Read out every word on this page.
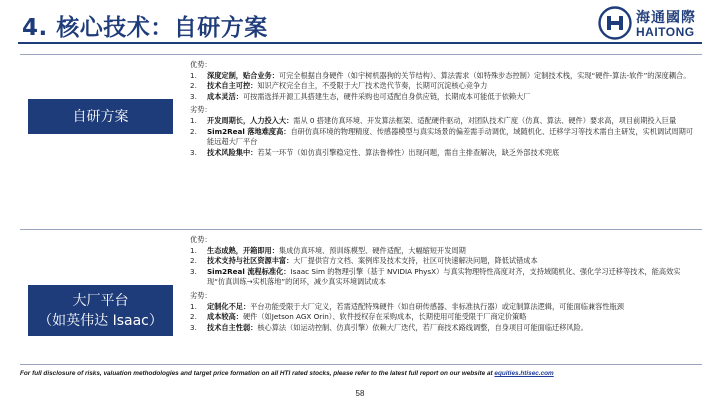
4. 核心技术：自研方案	海通國際
HAITONG
自研方案
优势：
1.	深度定制，贴合业务：可完全根据自身硬件（如宇树机器狗的关节结构）、算法需求（如特殊步态控制）定制技术栈，实现“硬件-算法-软件”的深度耦合。
2.	技术自主可控：知识产权完全自主，不受限于大厂技术迭代节奏，长期可沉淀核心竞争力
3.	成本灵活：可按需选择开源工具搭建生态，硬件采购也可适配自身供应链，长期成本可能低于依赖大厂
劣势：
1.	开发周期长，人力投入大：需从 0 搭建仿真环境、开发算法框架、适配硬件驱动，对团队技术广度（仿真、算法、硬件）要求高，项目前期投入巨量
2.	Sim2Real 落地难度高：自研仿真环境的物理精度、传感器模型与真实场景的偏差需手动调优，域随机化、迁移学习等技术需自主研发，实机调试周期可能远超大厂平台
3.	技术风险集中：若某一环节（如仿真引擎稳定性、算法鲁棒性）出现问题，需自主排查解决，缺乏外部技术兜底
大厂平台
（如英伟达 Isaac）
优势：
1.	生态成熟，开箱即用：集成仿真环境、预训练模型、硬件适配，大幅缩短开发周期
2.	技术支持与社区资源丰富：大厂提供官方文档、案例库及技术支持，社区可快速解决问题，降低试错成本
3.	Sim2Real 流程标准化：Isaac Sim 的物理引擎（基于 NVIDIA PhysX）与真实物理特性高度对齐，支持域随机化、强化学习迁移等技术，能高效实现“仿真训练→实机落地”的闭环，减少真实环境调试成本
劣势：
1.	定制化不足：平台功能受限于大厂定义，若需适配特殊硬件（如自研传感器、非标准执行器）或定制算法逻辑，可能面临兼容性瓶颈
2.	成本较高：硬件（如Jetson AGX Orin）、软件授权存在采购成本，长期使用可能受限于厂商定价策略
3.	技术自主性弱：核心算法（如运动控制、仿真引擎）依赖大厂迭代，若厂商技术路线调整，自身项目可能面临迁移风险。
For full disclosure of risks, valuation methodologies and target price formation on all HTI rated stocks, please refer to the latest full report on our website at equities.htisec.com
58
